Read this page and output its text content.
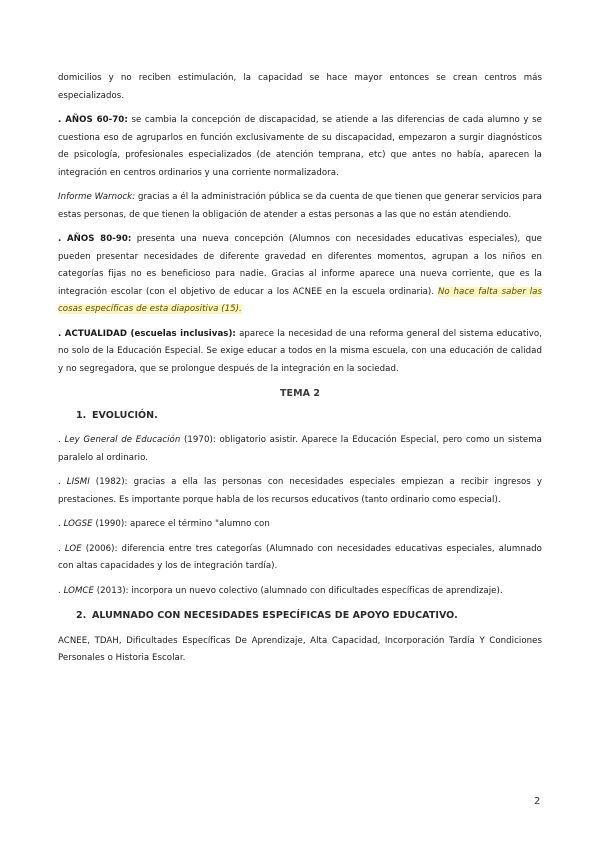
domicilios y no reciben estimulación, la capacidad se hace mayor entonces se crean centros más especializados.

. AÑOS 60-70: se cambia la concepción de discapacidad, se atiende a las diferencias de cada alumno y se cuestiona eso de agruparlos en función exclusivamente de su discapacidad, empezaron a surgir diagnósticos de psicología, profesionales especializados (de atención temprana, etc) que antes no había, aparecen la integración en centros ordinarios y una corriente normalizadora.

Informe Warnock: gracias a él la administración pública se da cuenta de que tienen que generar servicios para estas personas, de que tienen la obligación de atender a estas personas a las que no están atendiendo.

. AÑOS 80-90: presenta una nueva concepción (Alumnos con necesidades educativas especiales), que pueden presentar necesidades de diferente gravedad en diferentes momentos, agrupan a los niños en categorías fijas no es beneficioso para nadie. Gracias al informe aparece una nueva corriente, que es la integración escolar (con el objetivo de educar a los ACNEE en la escuela ordinaria). No hace falta saber las cosas específicas de esta diapositiva (15).

. ACTUALIDAD (escuelas inclusivas): aparece la necesidad de una reforma general del sistema educativo, no solo de la Educación Especial. Se exige educar a todos en la misma escuela, con una educación de calidad y no segregadora, que se prolongue después de la integración en la sociedad.

TEMA 2
1. EVOLUCIÓN.

. Ley General de Educación (1970): obligatorio asistir. Aparece la Educación Especial, pero como un sistema paralelo al ordinario.

. LISMI (1982): gracias a ella las personas con necesidades especiales empiezan a recibir ingresos y prestaciones. Es importante porque habla de los recursos educativos (tanto ordinario como especial).

. LOGSE (1990): aparece el término "alumno con

. LOE (2006): diferencia entre tres categorías (Alumnado con necesidades educativas especiales, alumnado con altas capacidades y los de integración tardía).

. LOMCE (2013): incorpora un nuevo colectivo (alumnado con dificultades específicas de aprendizaje).

2. ALUMNADO CON NECESIDADES ESPECÍFICAS DE APOYO EDUCATIVO.

ACNEE, TDAH, Dificultades Específicas De Aprendizaje, Alta Capacidad, Incorporación Tardía Y Condiciones Personales o Historia Escolar.

2
